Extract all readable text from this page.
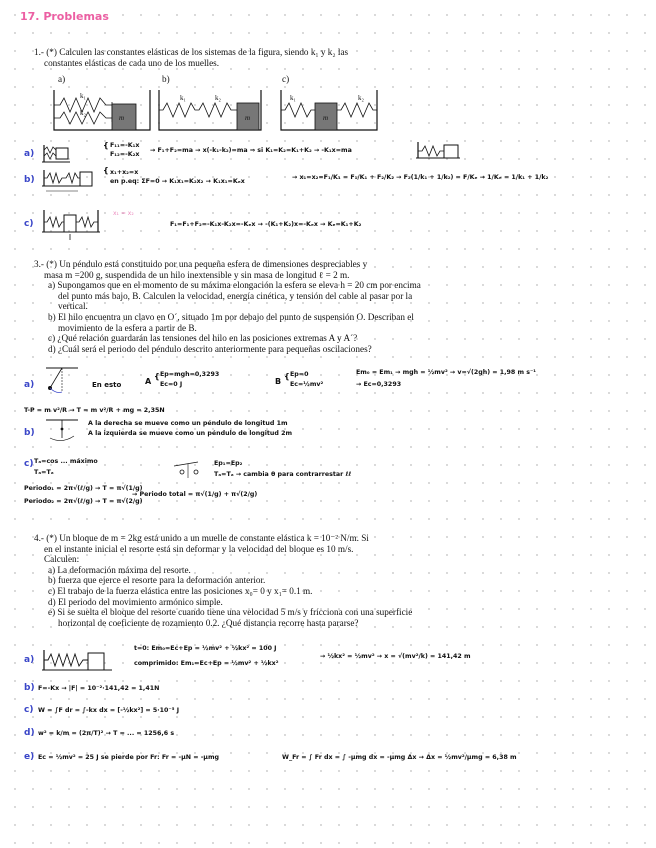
17. Problemas

1.- (*) Calculen las constantes elásticas de los sistemas de la figura, siendo k₁ y k₂ las

constantes elásticas de cada uno de los muelles.

a)	b)	c)
k₁
k₂
m
k₁	k₂
m
k₁	k₂
m
a)
{ F₁₁=-K₁x
F₁₂=-K₂x
→ F₁+F₂=ma → x(-k₁-k₂)=ma ⇒ si K₁=K₂=K₁+K₂ → -K₁x=ma
b)
{ x₁+x₂=x
en p.eq: ΣF=0 → K₁x₁=K₂x₂ → K₁x₁=Kₑx
→ x₁=x₂=F₁/K₁ = F₁/K₁ + F₂/K₂ → F₂(1/k₁ + 1/k₂) = F/Kₑ → 1/Kₑ = 1/k₁ + 1/k₂
c)
x₁ = x₂
F₁=F₁+F₂=-K₁x-K₂x=-Kₑx → -(K₁+K₂)x=-Kₑx → Kₑ=K₁+K₂

3.- (*) Un péndulo está constituido por una pequeña esfera de dimensiones despreciables y

masa m =200 g, suspendida de un hilo inextensible y sin masa de longitud ℓ = 2 m.

a) Supongamos que en el momento de su máxima elongación la esfera se eleva h = 20 cm por encima del punto más bajo, B. Calculen la velocidad, energía cinética, y tensión del cable al pasar por la vertical.

b) El hilo encuentra un clavo en O´, situado 1m por debajo del punto de suspensión O. Describan el movimiento de la esfera a partir de B.

c) ¿Qué relación guardarán las tensiones del hilo en las posiciones extremas A y A´?

d) ¿Cuál será el periodo del péndulo descrito anteriormente para pequeñas oscilaciones?

a)	En esto	A
{ Ep=mgh=0,3293
Ec=0 J	B
{ Ep=0
Ec=½mv²
Em₀ = Em₁ → mgh = ½mv² → v=√(2gh) = 1,98 m s⁻¹
→ Ec=0,3293
T-P = m v²/R → T = m v²/R + mg = 2,35N
b)
A la derecha se mueve como un péndulo de longitud 1m
A la izquierda se mueve como un péndulo de longitud 2m
c) Tₐ=cos ... máximo
Tₐ=Tₐ
Ep₁=Ep₂
Tₐ=Tₐ → cambia θ para contrarrestar ℓℓ
Periodo₁ = 2π√(ℓ/g) → T = π√(1/g)
Periodo₂ = 2π√(ℓ/g) → T = π√(2/g)
→ Periodo total = π√(1/g) + π√(2/g)

4.- (*) Un bloque de m = 2kg está unido a un muelle de constante elástica k = 10⁻² N/m. Si

en el instante inicial el resorte está sin deformar y la velocidad del bloque es 10 m/s.

Calculen:

a) La deformación máxima del resorte.

b) fuerza que ejerce el resorte para la deformación anterior.

c) El trabajo de la fuerza elástica entre las posiciones x₀= 0 y x₁= 0.1 m.

d) El periodo del movimiento armónico simple.

e) Si se suelta el bloque del resorte cuando tiene una velocidad 5 m/s y frícciona con una superficie horizontal de coeficiente de rozamiento 0.2. ¿Qué distancia recorre hasta pararse?

a)
t=0: Em₀=Ec+Ep = ½mv² + ½kx² = 100 J
comprimido: Em₁=Ec+Ep = ½mv² + ½kx²
→ ½kx² = ½mv² → x = √(mv²/k) = 141,42 m
b) F=-Kx → |F| = 10⁻²·141,42 = 1,41N
c) W = ∫F dr = ∫-kx dx = [-½kx²] = 5·10⁻⁵ J
d) w² = k/m = (2π/T)² → T = ... = 1256,6 s
e) Ec = ½mv² = 25 J se pierde por Fr: Fr = -μN = -μmg	W_Fr = ∫ Fr dx = ∫ -μmg dx = -μmg Δx → Δx = ½mv²/μmg = 6,38 m
